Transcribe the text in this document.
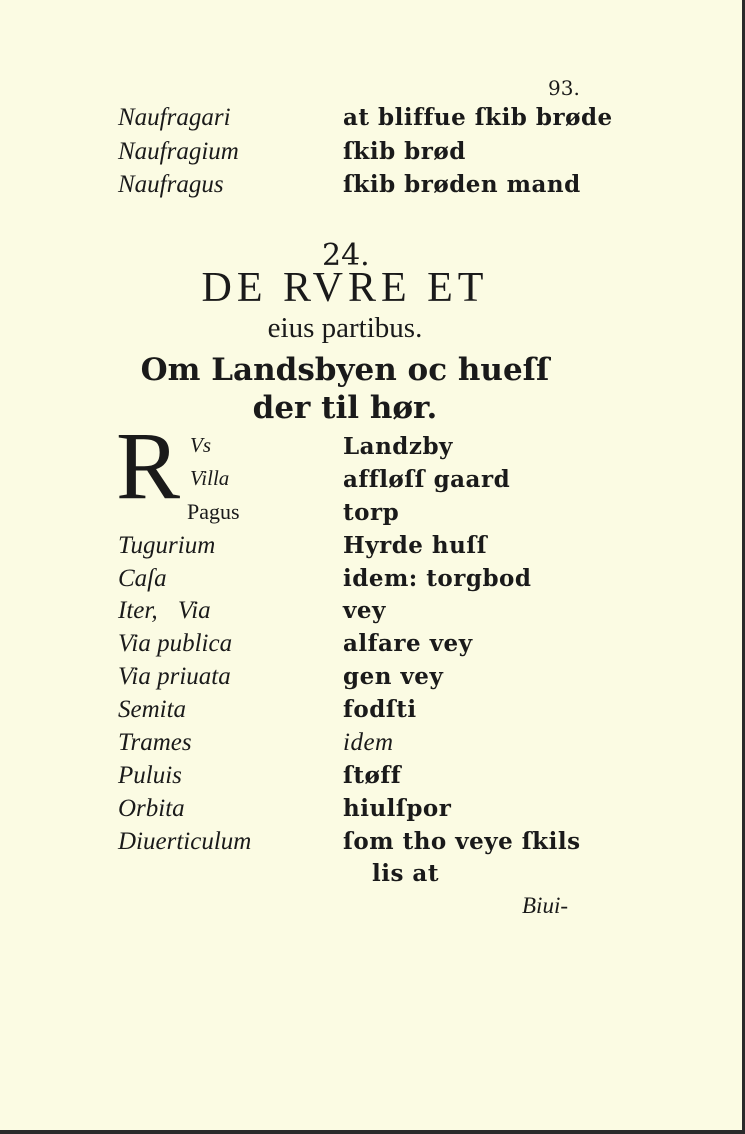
93.
Naufragari	at bliffue ſkib brøde
Naufragium	ſkib brød
Naufragus	ſkib brøden mand
24.
DE RVRE ET
eius partibus.
Om Landsbyen oc hueſſ
der til hør.
R Vs	Landzby
Villa	affløſſ gaard
Pagus	torp
Tugurium	Hyrde huſſ
Caſa	idem: torgbod
Iter, Via	vey
Via publica	alfare vey
Via priuata	gen vey
Semita	fodſti
Trames	idem
Puluis	ſtøff
Orbita	hiulſpor
Diuerticulum	ſom tho veye ſkils
lis at
Biui-
